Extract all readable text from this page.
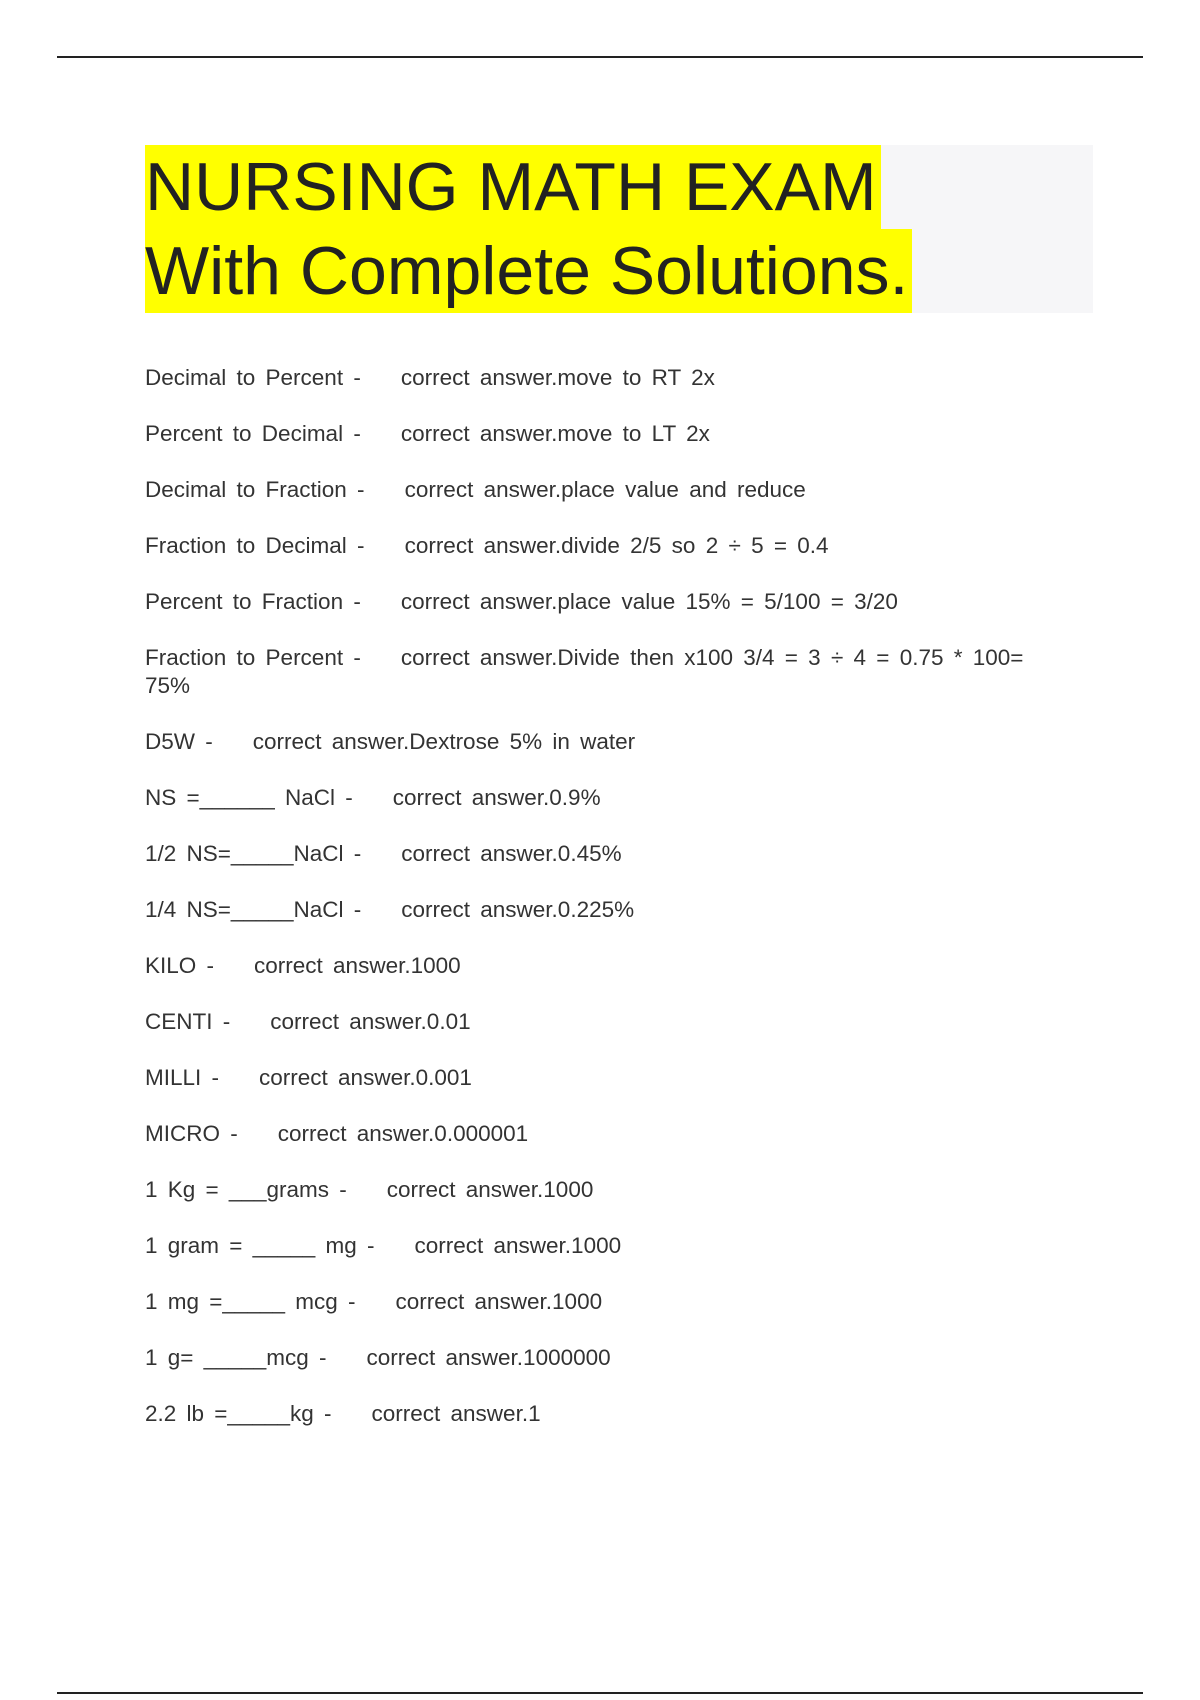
NURSING MATH EXAM
With Complete Solutions.
Decimal to Percent - correct answer.move to RT 2x
Percent to Decimal - correct answer.move to LT 2x
Decimal to Fraction - correct answer.place value and reduce
Fraction to Decimal - correct answer.divide 2/5 so 2 ÷ 5 = 0.4
Percent to Fraction - correct answer.place value 15% = 5/100 = 3/20
Fraction to Percent - correct answer.Divide then x100 3/4 = 3 ÷ 4 = 0.75 * 100= 75%
D5W - correct answer.Dextrose 5% in water
NS =______ NaCl - correct answer.0.9%
1/2 NS=_____NaCl - correct answer.0.45%
1/4 NS=_____NaCl - correct answer.0.225%
KILO - correct answer.1000
CENTI - correct answer.0.01
MILLI - correct answer.0.001
MICRO - correct answer.0.000001
1 Kg = ___grams - correct answer.1000
1 gram = _____ mg - correct answer.1000
1 mg =_____ mcg - correct answer.1000
1 g= _____mcg - correct answer.1000000
2.2 lb =_____kg - correct answer.1
